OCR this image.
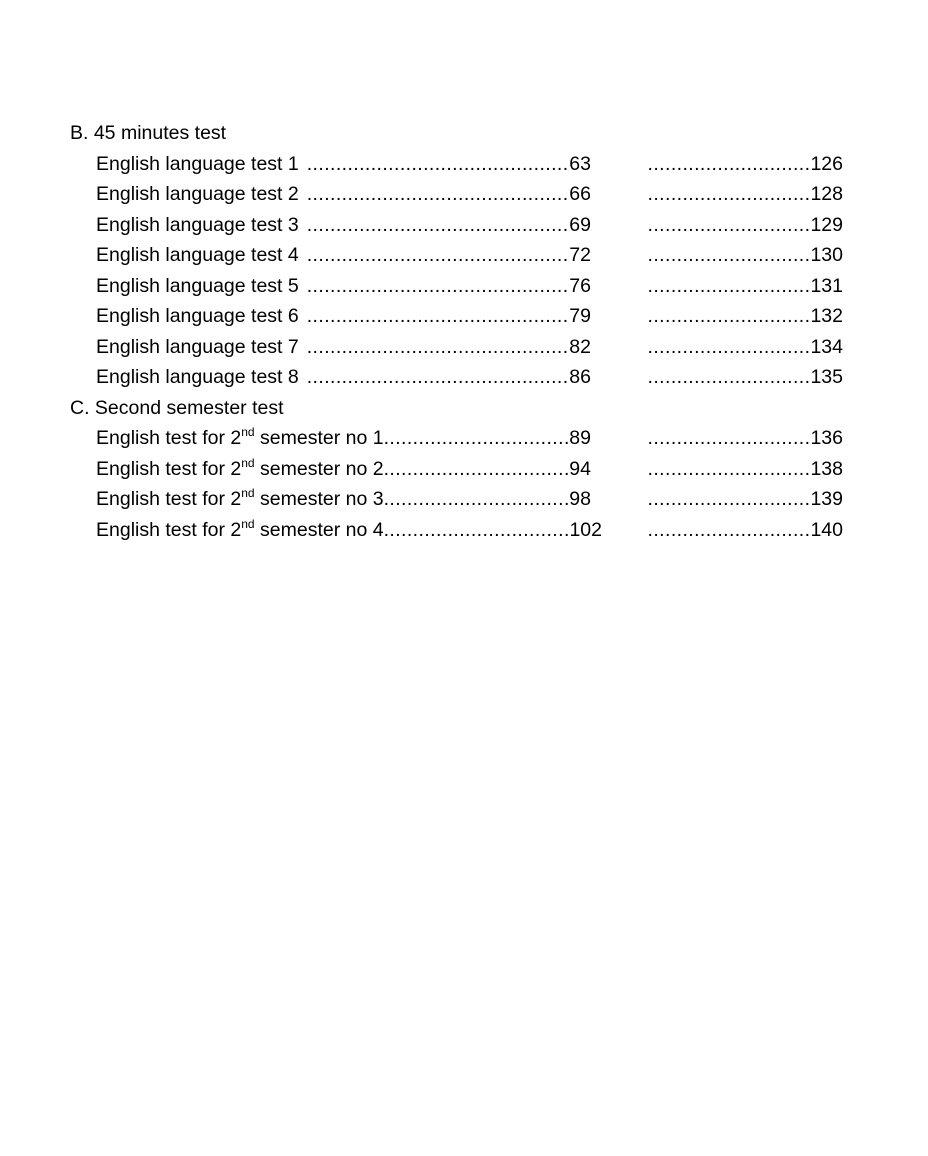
B. 45 minutes test
English language test 1 .....	63 .....	126
English language test 2 .....	66 .....	128
English language test 3 .....	69 .....	129
English language test 4 .....	72 .....	130
English language test 5 .....	76 .....	131
English language test 6 .....	79 .....	132
English language test 7 .....	82 .....	134
English language test 8 .....	86 .....	135
C. Second semester test
English test for 2nd semester no 1 .....	89 .....	136
English test for 2nd semester no 2 .....	94 .....	138
English test for 2nd semester no 3 .....	98 .....	139
English test for 2nd semester no 4 .....	102 .....	140
